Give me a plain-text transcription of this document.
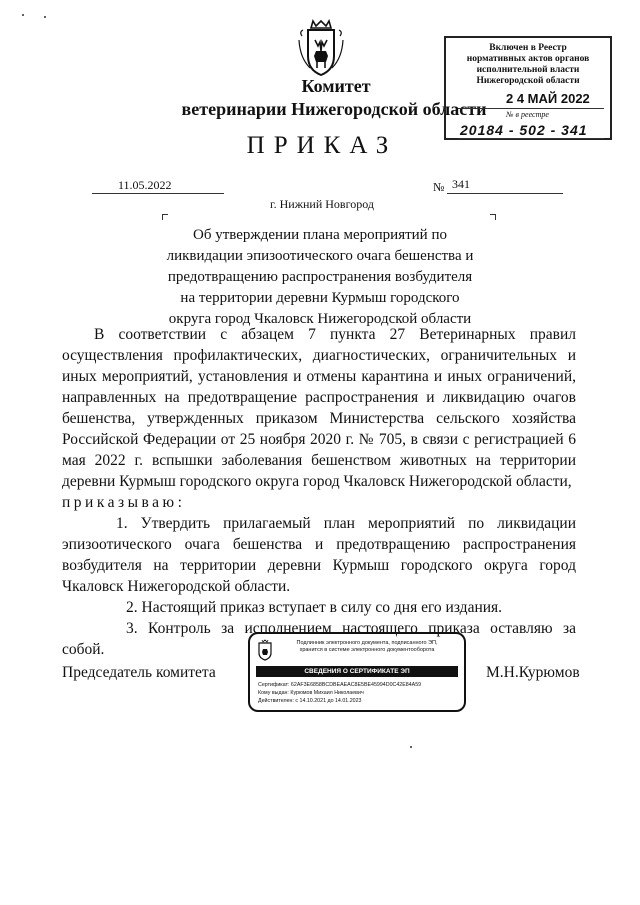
Комитет
ветеринарии Нижегородской области
ПРИКАЗ
Включен в Реестр
нормативных актов органов
исполнительной власти
Нижегородской области
2 4 МАЙ 2022
№ в реестре
20184 - 502 - 341
11.05.2022	№ 341
г. Нижний Новгород
Об утверждении плана мероприятий по
ликвидации эпизоотического очага бешенства и
предотвращению распространения возбудителя
на территории деревни Курмыш городского
округа город Чкаловск Нижегородской области

В соответствии с абзацем 7 пункта 27 Ветеринарных правил осуществления профилактических, диагностических, ограничительных и иных мероприятий, установления и отмены карантина и иных ограничений, направленных на предотвращение распространения и ликвидацию очагов бешенства, утвержденных приказом Министерства сельского хозяйства Российской Федерации от 25 ноября 2020 г. № 705, в связи с регистрацией 6 мая 2022 г. вспышки заболевания бешенством животных на территории деревни Курмыш городского округа город Чкаловск Нижегородской области,

приказываю:

1. Утвердить прилагаемый план мероприятий по ликвидации эпизоотического очага бешенства и предотвращению распространения возбудителя на территории деревни Курмыш городского округа город Чкаловск Нижегородской области.

2. Настоящий приказ вступает в силу со дня его издания.

3. Контроль за исполнением настоящего приказа оставляю за собой.

Председатель комитета	М.Н.Курюмов
Подлинник электронного документа, подписанного ЭП,
хранится в системе электронного документооборота
СВЕДЕНИЯ О СЕРТИФИКАТЕ ЭП
Сертификат: 62AF3E6858BCDBEAEAC8E5BE45994D0C42E84A59
Кому выдан: Курюмов Михаил Николаевич
Действителен: с 14.10.2021 до 14.01.2023
